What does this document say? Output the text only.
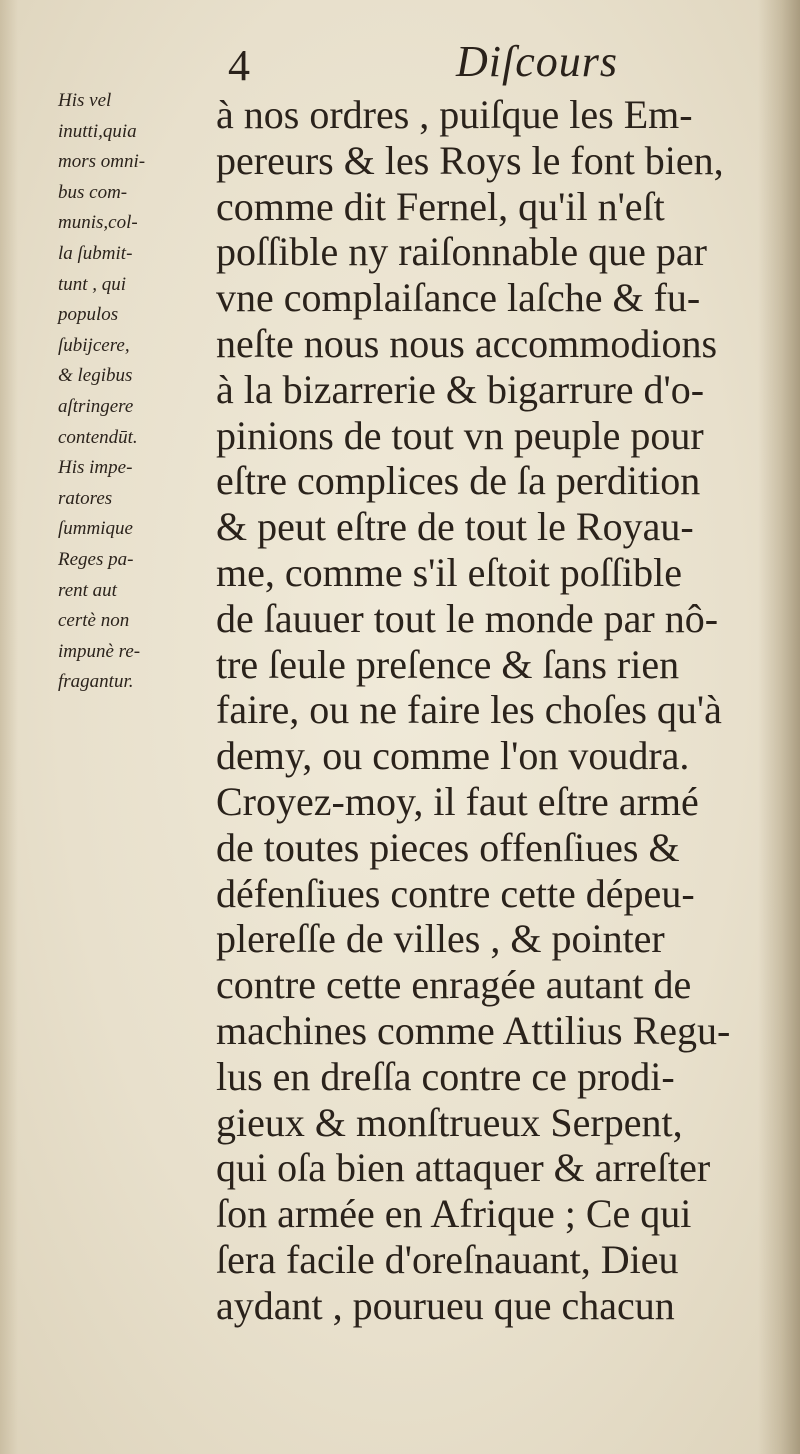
4	Diſcours
His vel
inutti,quia
mors omni-
bus com-
munis,col-
la ſubmit-
tunt , qui
populos
ſubijcere,
& legibus
aſtringere
contendūt.
His impe-
ratores
ſummique
Reges pa-
rent aut
certè non
impunè re-
fragantur.
à nos ordres , puiſque les Em-
pereurs & les Roys le font bien,
comme dit Fernel, qu'il n'eſt
poſſible ny raiſonnable que par
vne complaiſance laſche & fu-
neſte nous nous accommodions
à la bizarrerie & bigarrure d'o-
pinions de tout vn peuple pour
eſtre complices de ſa perdition
& peut eſtre de tout le Royau-
me, comme s'il eſtoit poſſible
de ſauuer tout le monde par nô-
tre ſeule preſence & ſans rien
faire, ou ne faire les choſes qu'à
demy, ou comme l'on voudra.
Croyez-moy, il faut eſtre armé
de toutes pieces offenſiues &
défenſiues contre cette dépeu-
plereſſe de villes , & pointer
contre cette enragée autant de
machines comme Attilius Regu-
lus en dreſſa contre ce prodi-
gieux & monſtrueux Serpent,
qui oſa bien attaquer & arreſter
ſon armée en Afrique ; Ce qui
ſera facile d'oreſnauant, Dieu
aydant , pourueu que chacun
